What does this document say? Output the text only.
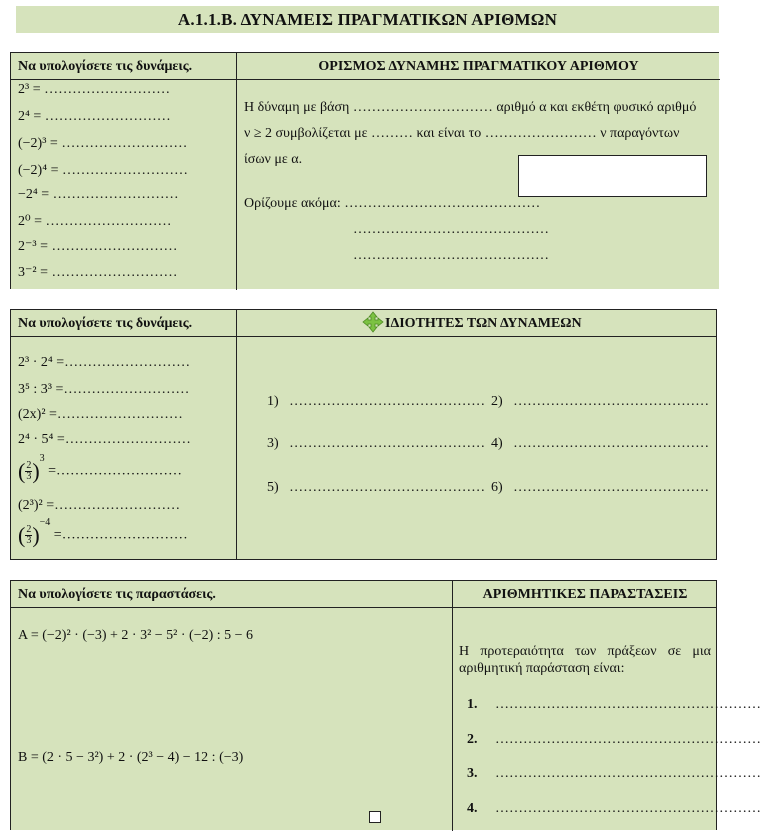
Α.1.1.Β. ΔΥΝΑΜΕΙΣ ΠΡΑΓΜΑΤΙΚΩΝ ΑΡΙΘΜΩΝ
Να υπολογίσετε τις δυνάμεις.	ΟΡΙΣΜΟΣ ΔΥΝΑΜΗΣ ΠΡΑΓΜΑΤΙΚΟΥ ΑΡΙΘΜΟΥ
2³ = ………………………
2⁴ = ………………………
(−2)³ = ………………………
(−2)⁴ = ………………………
−2⁴ = ………………………
2⁰ = ………………………
2⁻³ = ………………………
3⁻² = ………………………
Η δύναμη με βάση ………………………… αριθμό α και εκθέτη φυσικό αριθμό
ν ≥ 2 συμβολίζεται με ……… και είναι το …………………… ν παραγόντων
ίσων με α.
Ορίζουμε ακόμα: ……………………………………
……………………………………
……………………………………
Να υπολογίσετε τις δυνάμεις.	ΙΔΙΟΤΗΤΕΣ ΤΩΝ ΔΥΝΑΜΕΩΝ
2³ · 2⁴ =………………………
3⁵ : 3³ =………………………
(2x)² =………………………
2⁴ · 5⁴ =………………………
( $\frac{2}{3} )^3$ =………………………
(2³)² =………………………
( $\frac{2}{3} )^{-4}$ =………………………
1) …………………………………… 2) ……………………………………
3) …………………………………… 4) ……………………………………
5) …………………………………… 6) ……………………………………
Να υπολογίσετε τις παραστάσεις.	ΑΡΙΘΜΗΤΙΚΕΣ ΠΑΡΑΣΤΑΣΕΙΣ
A = (−2)² · (−3) + 2 · 3² − 5² · (−2) : 5 − 6
B = (2 · 5 − 3²) + 2 · (2³ − 4) − 12 : (−3)
Η προτεραιότητα των πράξεων σε μια αριθμητική παράσταση είναι:
1. …………………………………………………
2. …………………………………………………
3. …………………………………………………
4. …………………………………………………
